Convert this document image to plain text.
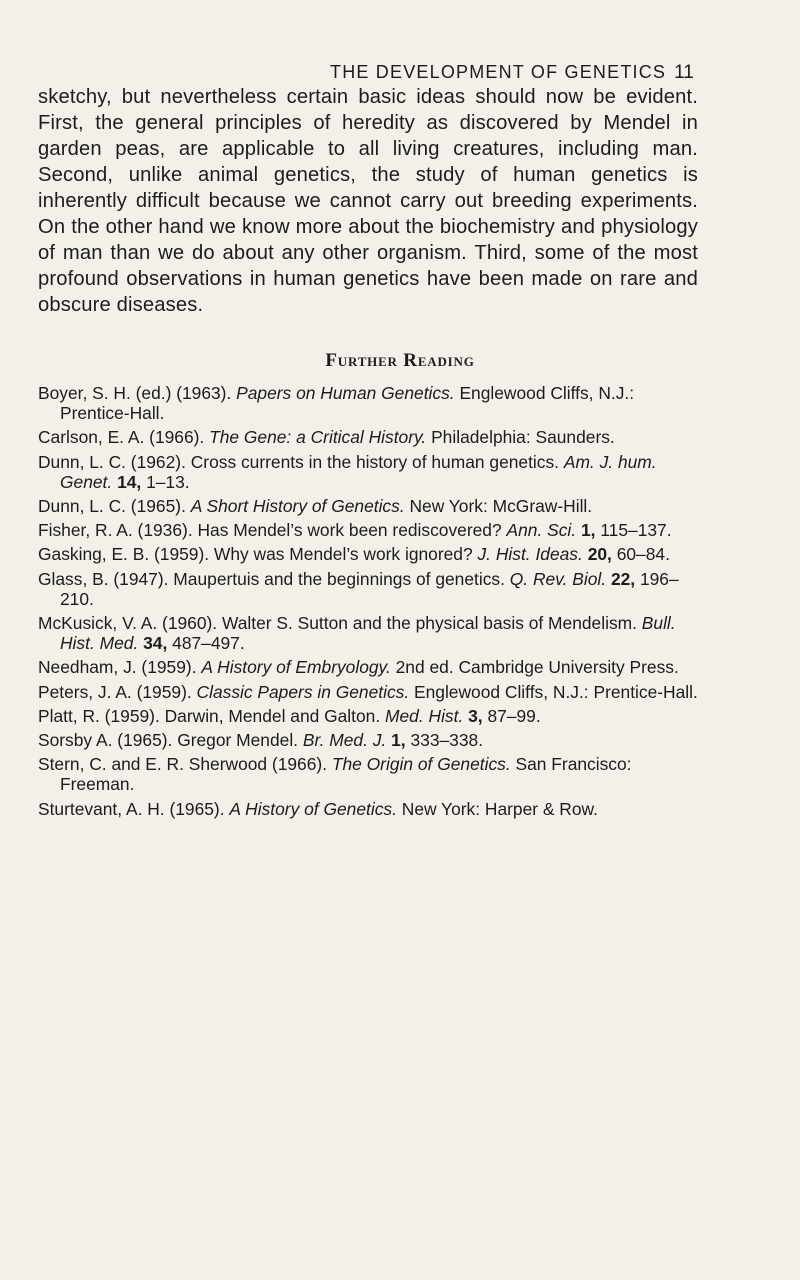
THE DEVELOPMENT OF GENETICS 11

sketchy, but nevertheless certain basic ideas should now be evident. First, the general principles of heredity as discovered by Mendel in garden peas, are applicable to all living creatures, including man. Second, unlike animal genetics, the study of human genetics is inherently difficult because we cannot carry out breeding experiments. On the other hand we know more about the biochemistry and physiology of man than we do about any other organism. Third, some of the most profound observations in human genetics have been made on rare and obscure diseases.

Further Reading
Boyer, S. H. (ed.) (1963). Papers on Human Genetics. Englewood Cliffs, N.J.: Prentice-Hall.
Carlson, E. A. (1966). The Gene: a Critical History. Philadelphia: Saunders.
Dunn, L. C. (1962). Cross currents in the history of human genetics. Am. J. hum. Genet. 14, 1–13.
Dunn, L. C. (1965). A Short History of Genetics. New York: McGraw-Hill.
Fisher, R. A. (1936). Has Mendel’s work been rediscovered? Ann. Sci. 1, 115–137.
Gasking, E. B. (1959). Why was Mendel’s work ignored? J. Hist. Ideas. 20, 60–84.
Glass, B. (1947). Maupertuis and the beginnings of genetics. Q. Rev. Biol. 22, 196–210.
McKusick, V. A. (1960). Walter S. Sutton and the physical basis of Mendelism. Bull. Hist. Med. 34, 487–497.
Needham, J. (1959). A History of Embryology. 2nd ed. Cambridge University Press.
Peters, J. A. (1959). Classic Papers in Genetics. Englewood Cliffs, N.J.: Prentice-Hall.
Platt, R. (1959). Darwin, Mendel and Galton. Med. Hist. 3, 87–99.
Sorsby A. (1965). Gregor Mendel. Br. Med. J. 1, 333–338.
Stern, C. and E. R. Sherwood (1966). The Origin of Genetics. San Francisco: Freeman.
Sturtevant, A. H. (1965). A History of Genetics. New York: Harper & Row.
